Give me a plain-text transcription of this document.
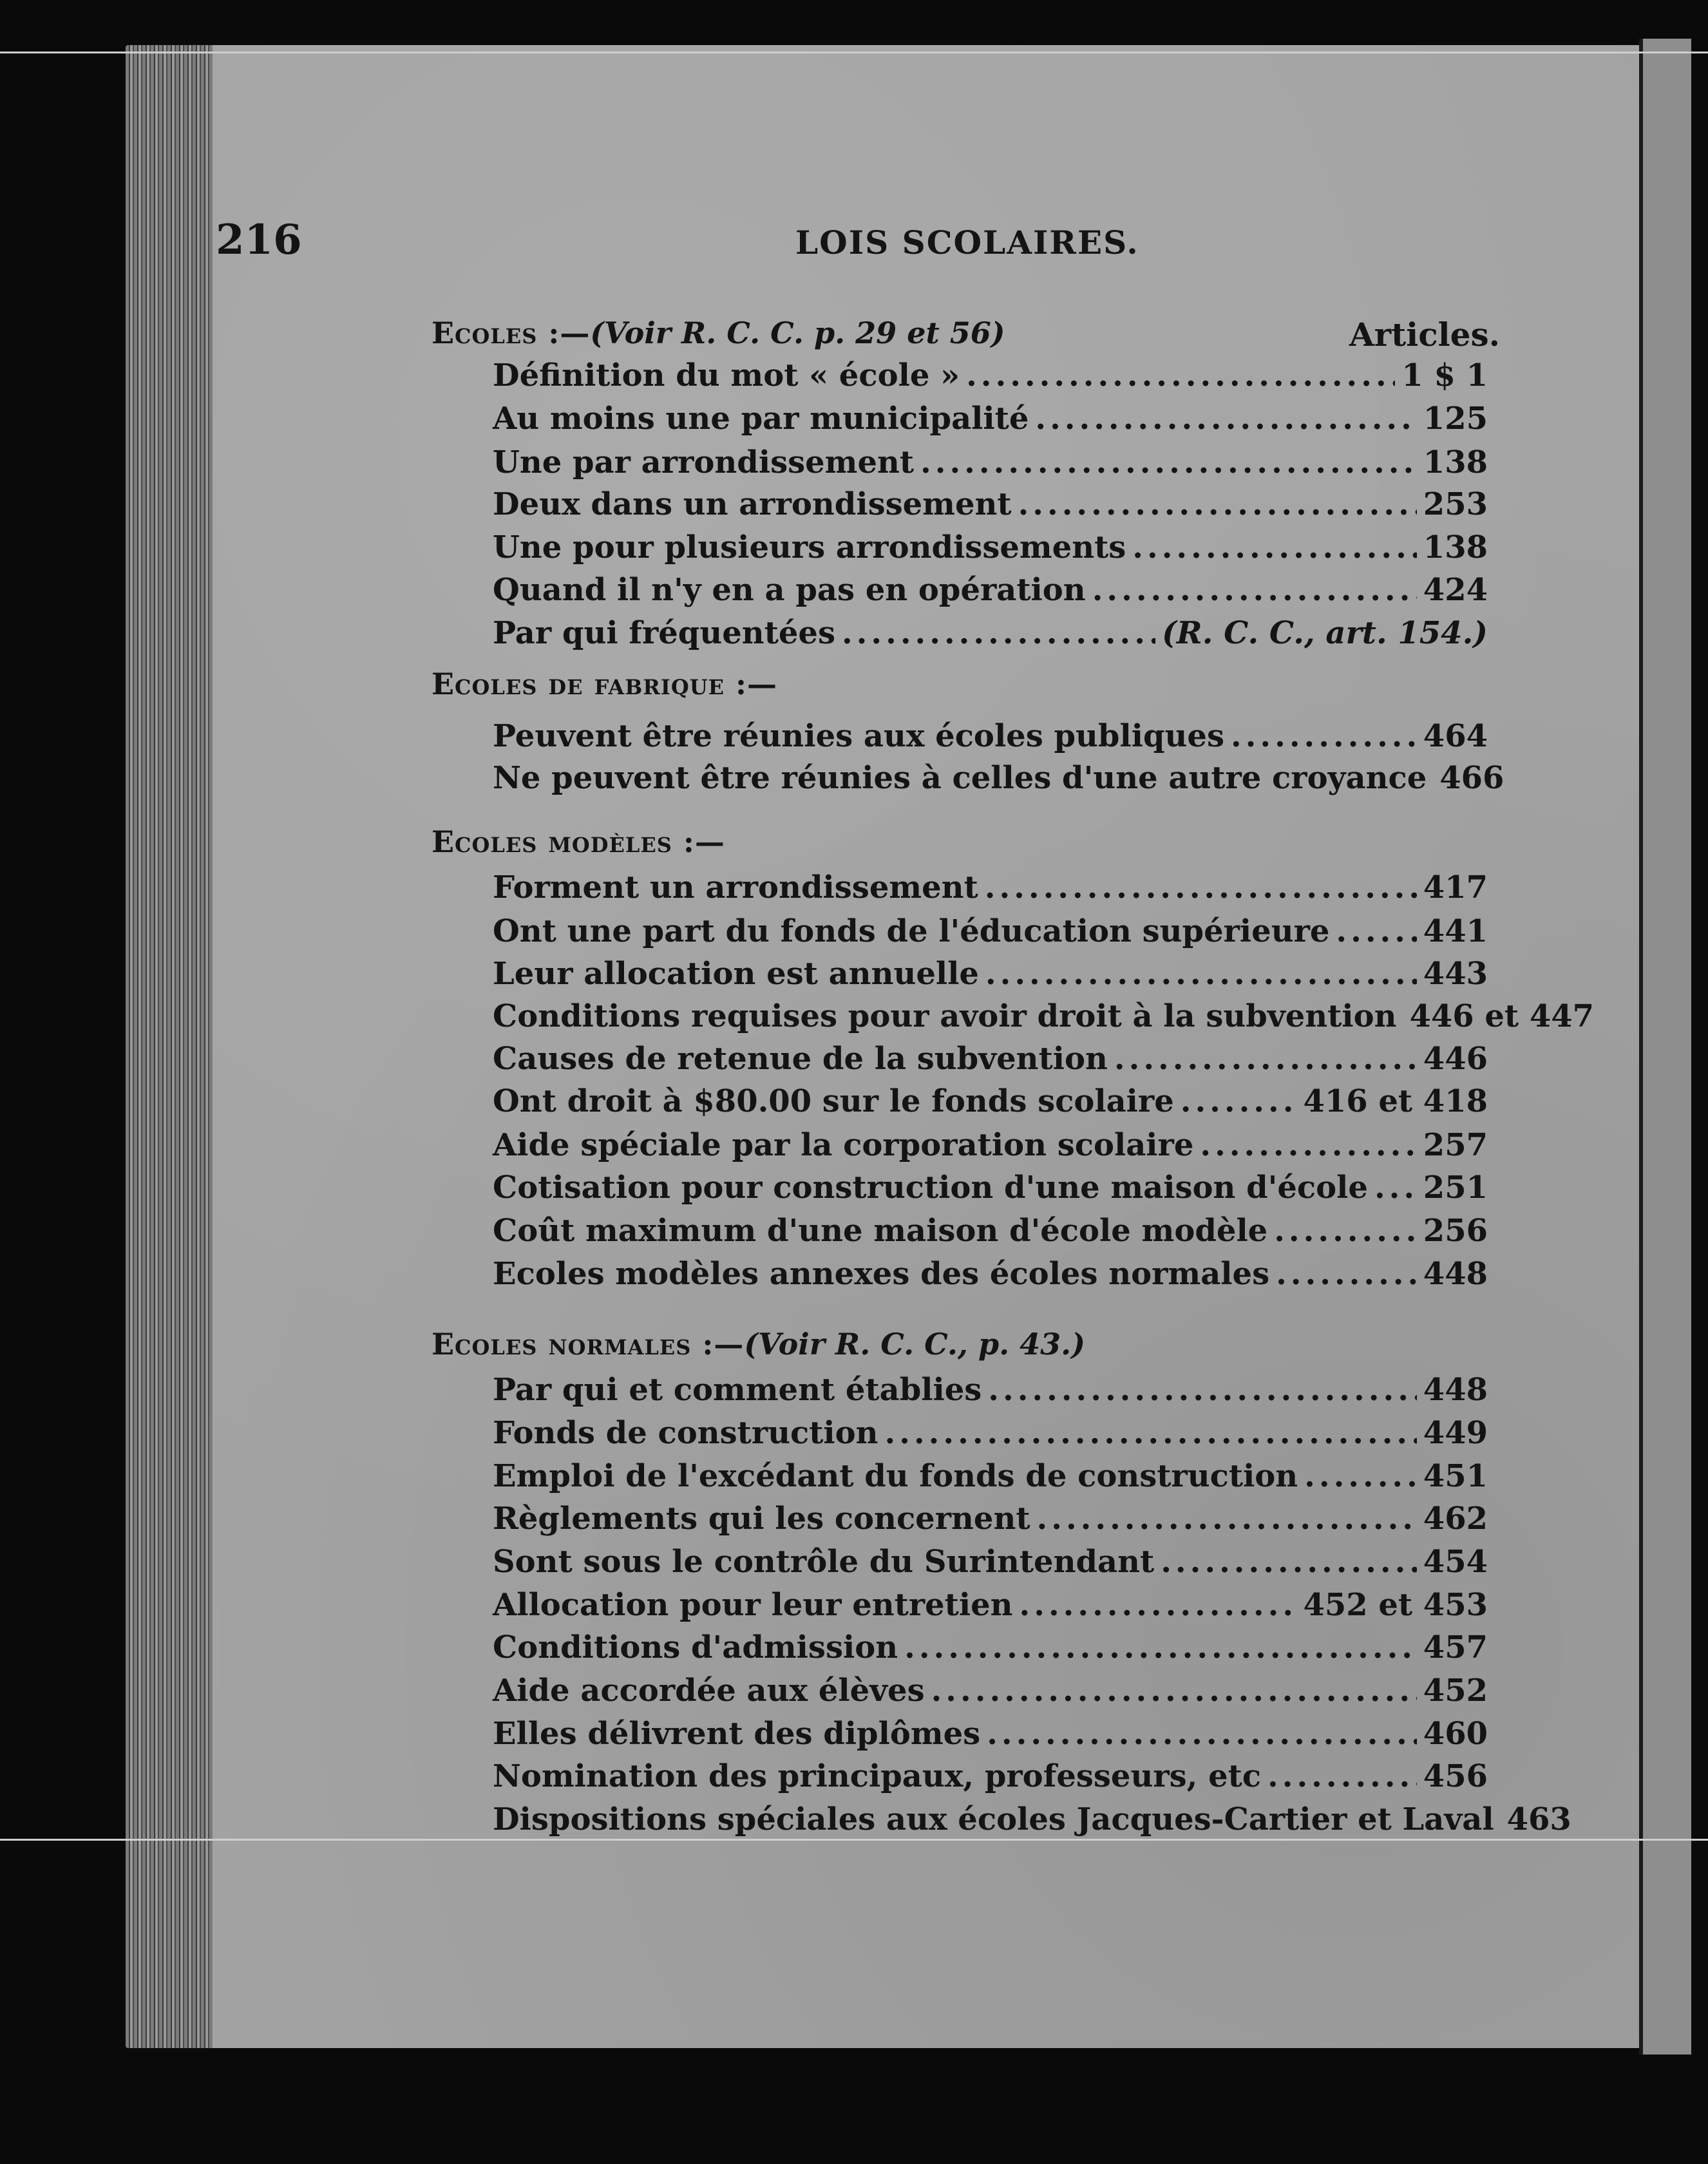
216	LOIS SCOLAIRES.
Ecoles :—(Voir R. C. C. p. 29 et 56)	Articles.
Définition du mot « école » .....	1 $ 1
Au moins une par municipalité .....	125
Une par arrondissement .....	138
Deux dans un arrondissement .....	253
Une pour plusieurs arrondissements .....	138
Quand il n'y en a pas en opération .....	424
Par qui fréquentées .....	(R. C. C., art. 154.)
Ecoles de fabrique :—
Peuvent être réunies aux écoles publiques .....	464
Ne peuvent être réunies à celles d'une autre croyance 466
Ecoles modèles :—
Forment un arrondissement .....	417
Ont une part du fonds de l'éducation supérieure .....	441
Leur allocation est annuelle .....	443
Conditions requises pour avoir droit à la subvention 446 et 447
Causes de retenue de la subvention .....	446
Ont droit à $80.00 sur le fonds scolaire .....	416 et 418
Aide spéciale par la corporation scolaire .....	257
Cotisation pour construction d'une maison d'école ..... 251
Coût maximum d'une maison d'école modèle .....	256
Ecoles modèles annexes des écoles normales .....	448
Ecoles normales :—(Voir R. C. C., p. 43.)
Par qui et comment établies .....	448
Fonds de construction .....	449
Emploi de l'excédant du fonds de construction .....	451
Règlements qui les concernent .....	462
Sont sous le contrôle du Surintendant .....	454
Allocation pour leur entretien .....	452 et 453
Conditions d'admission .....	457
Aide accordée aux élèves .....	452
Elles délivrent des diplômes .....	460
Nomination des principaux, professeurs, etc .....	456
Dispositions spéciales aux écoles Jacques-Cartier et Laval 463
